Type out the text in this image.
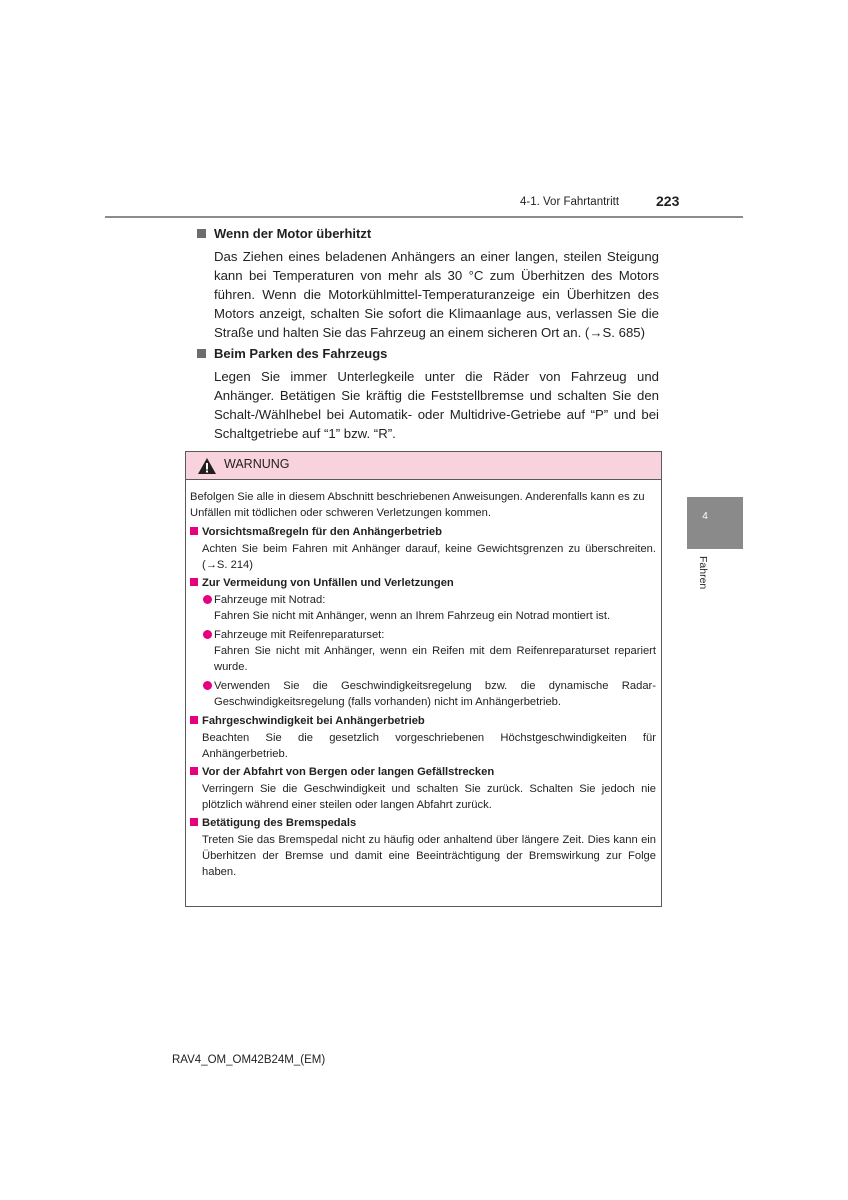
4-1. Vor Fahrtantritt	223
4
Fahren
Wenn der Motor überhitzt
Das Ziehen eines beladenen Anhängers an einer langen, steilen Steigung kann bei Temperaturen von mehr als 30 °C zum Überhitzen des Motors führen. Wenn die Motorkühlmittel-Temperaturanzeige ein Überhitzen des Motors anzeigt, schalten Sie sofort die Klimaanlage aus, verlassen Sie die Straße und halten Sie das Fahrzeug an einem sicheren Ort an. (→S. 685)
Beim Parken des Fahrzeugs
Legen Sie immer Unterlegkeile unter die Räder von Fahrzeug und Anhänger. Betätigen Sie kräftig die Feststellbremse und schalten Sie den Schalt-/Wählhebel bei Automatik- oder Multidrive-Getriebe auf “P” und bei Schaltgetriebe auf “1” bzw. “R”.
WARNUNG
Befolgen Sie alle in diesem Abschnitt beschriebenen Anweisungen. Anderenfalls kann es zu Unfällen mit tödlichen oder schweren Verletzungen kommen.
Vorsichtsmaßregeln für den Anhängerbetrieb
Achten Sie beim Fahren mit Anhänger darauf, keine Gewichtsgrenzen zu überschreiten. (→S. 214)
Zur Vermeidung von Unfällen und Verletzungen
Fahrzeuge mit Notrad:
Fahren Sie nicht mit Anhänger, wenn an Ihrem Fahrzeug ein Notrad montiert ist.
Fahrzeuge mit Reifenreparaturset:
Fahren Sie nicht mit Anhänger, wenn ein Reifen mit dem Reifenreparaturset repariert wurde.
Verwenden Sie die Geschwindigkeitsregelung bzw. die dynamische Radar-Geschwindigkeitsregelung (falls vorhanden) nicht im Anhängerbetrieb.
Fahrgeschwindigkeit bei Anhängerbetrieb
Beachten Sie die gesetzlich vorgeschriebenen Höchstgeschwindigkeiten für Anhängerbetrieb.
Vor der Abfahrt von Bergen oder langen Gefällstrecken
Verringern Sie die Geschwindigkeit und schalten Sie zurück. Schalten Sie jedoch nie plötzlich während einer steilen oder langen Abfahrt zurück.
Betätigung des Bremspedals
Treten Sie das Bremspedal nicht zu häufig oder anhaltend über längere Zeit. Dies kann ein Überhitzen der Bremse und damit eine Beeinträchtigung der Bremswirkung zur Folge haben.
RAV4_OM_OM42B24M_(EM)
